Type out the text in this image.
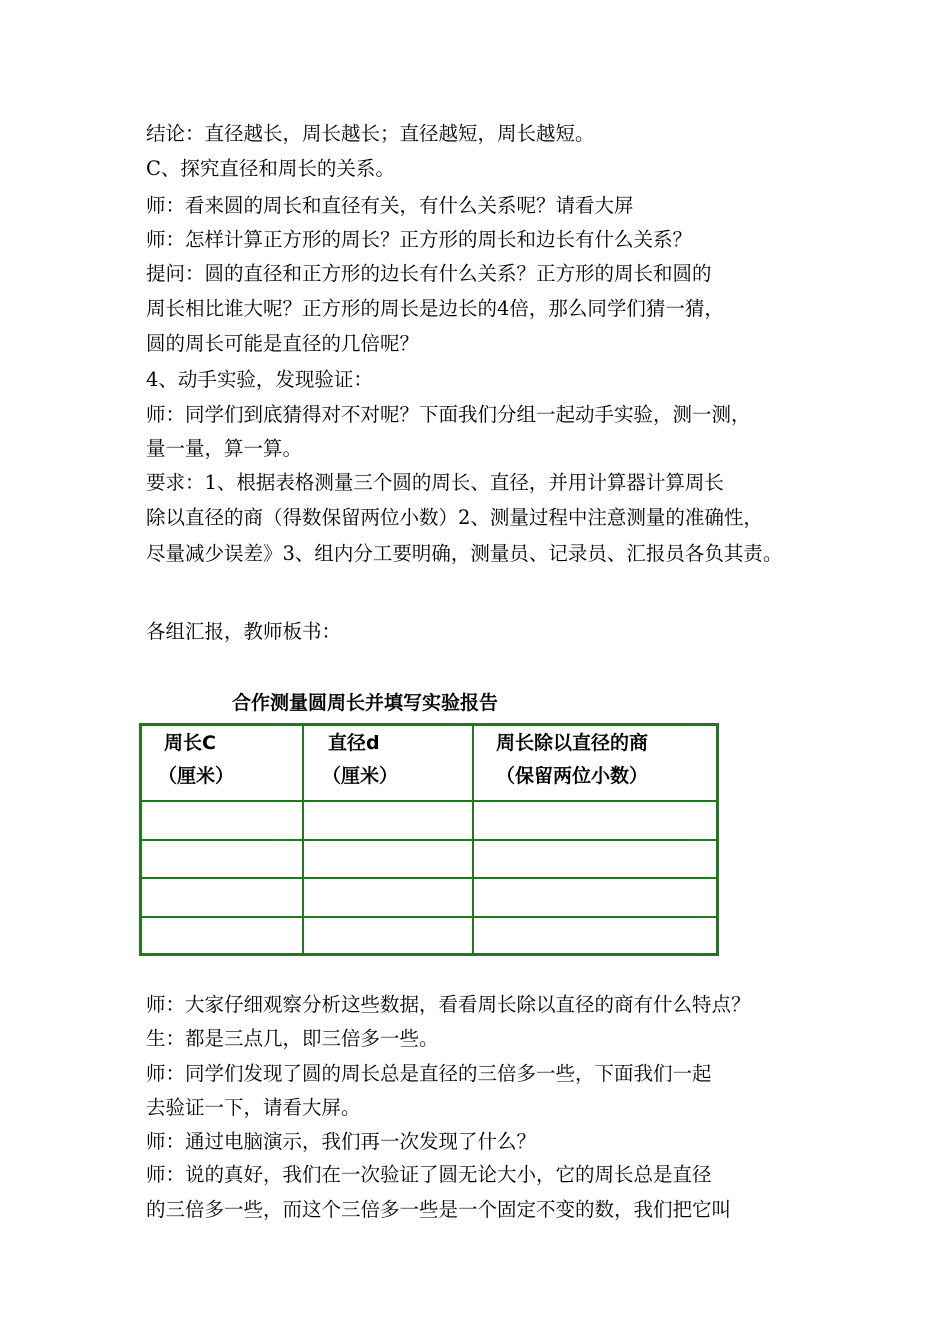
结论：直径越长，周长越长；直径越短，周长越短。
C、探究直径和周长的关系。
师：看来圆的周长和直径有关，有什么关系呢？请看大屏
师：怎样计算正方形的周长？正方形的周长和边长有什么关系？
提问：圆的直径和正方形的边长有什么关系？正方形的周长和圆的
周长相比谁大呢？正方形的周长是边长的4倍，那么同学们猜一猜，
圆的周长可能是直径的几倍呢？
4、动手实验，发现验证：
师：同学们到底猜得对不对呢？下面我们分组一起动手实验，测一测，
量一量，算一算。
要求：1、根据表格测量三个圆的周长、直径，并用计算器计算周长
除以直径的商（得数保留两位小数）2、测量过程中注意测量的准确性，
尽量减少误差》3、组内分工要明确，测量员、记录员、汇报员各负其责。
各组汇报，教师板书：
合作测量圆周长并填写实验报告
周长C
（厘米）
直径d
（厘米）
周长除以直径的商
（保留两位小数）
师：大家仔细观察分析这些数据，看看周长除以直径的商有什么特点？
生：都是三点几，即三倍多一些。
师：同学们发现了圆的周长总是直径的三倍多一些，下面我们一起
去验证一下，请看大屏。
师：通过电脑演示，我们再一次发现了什么？
师：说的真好，我们在一次验证了圆无论大小，它的周长总是直径
的三倍多一些，而这个三倍多一些是一个固定不变的数，我们把它叫
